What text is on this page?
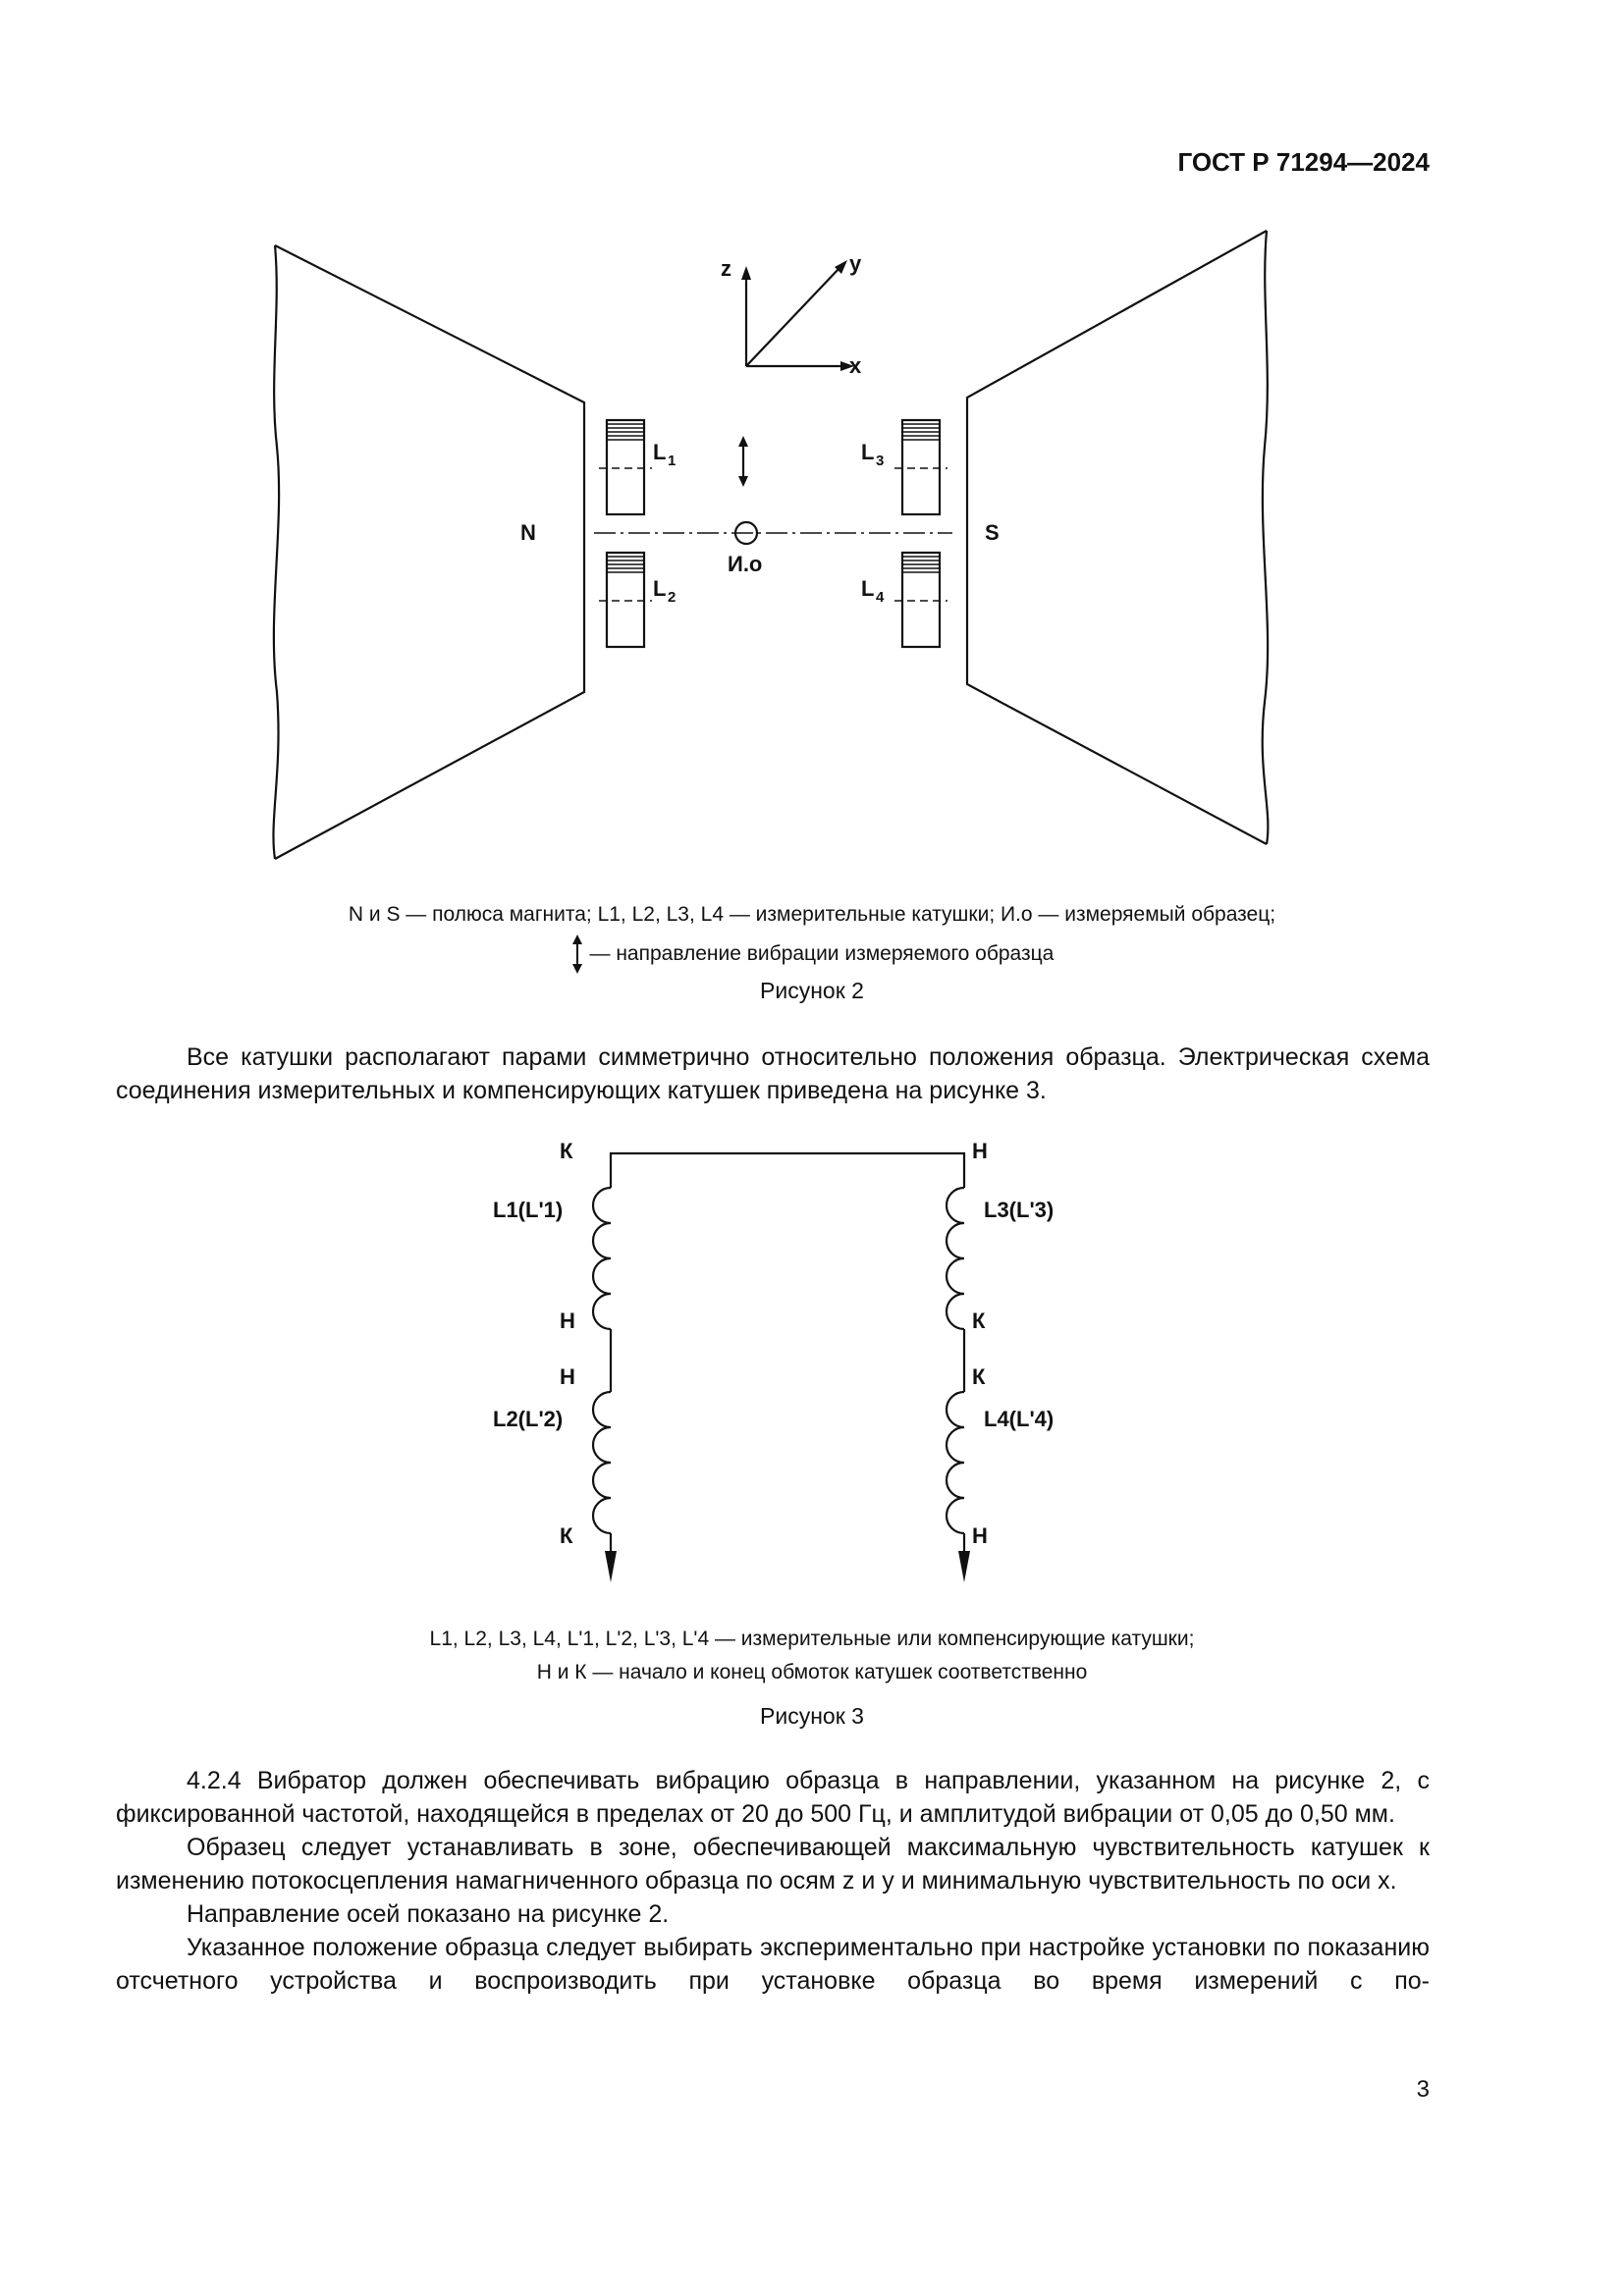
ГОСТ Р 71294—2024
z	y
x
N	S
L 1
L 2
L 3
L 4
И.о
N и S — полюса магнита; L1, L2, L3, L4 — измерительные катушки; И.о — измеряемый образец;
— направление вибрации измеряемого образца
Рисунок 2

Все катушки располагают парами симметрично относительно положения образца. Электрическая схема соединения измерительных и компенсирующих катушек приведена на рисунке 3.

К	Н
L1(L'1)	L3(L'3)
Н	К
Н	К
L2(L'2)	L4(L'4)
К	Н
L1, L2, L3, L4, L'1, L'2, L'3, L'4 — измерительные или компенсирующие катушки;
Н и К — начало и конец обмоток катушек соответственно
Рисунок 3

4.2.4 Вибратор должен обеспечивать вибрацию образца в направлении, указанном на рисунке 2, с фиксированной частотой, находящейся в пределах от 20 до 500 Гц, и амплитудой вибрации от 0,05 до 0,50 мм.

Образец следует устанавливать в зоне, обеспечивающей максимальную чувствительность катушек к изменению потокосцепления намагниченного образца по осям z и y и минимальную чувствительность по оси x.

Направление осей показано на рисунке 2.

Указанное положение образца следует выбирать экспериментально при настройке установки по показанию отсчетного устройства и воспроизводить при установке образца во время измерений с по-

3
